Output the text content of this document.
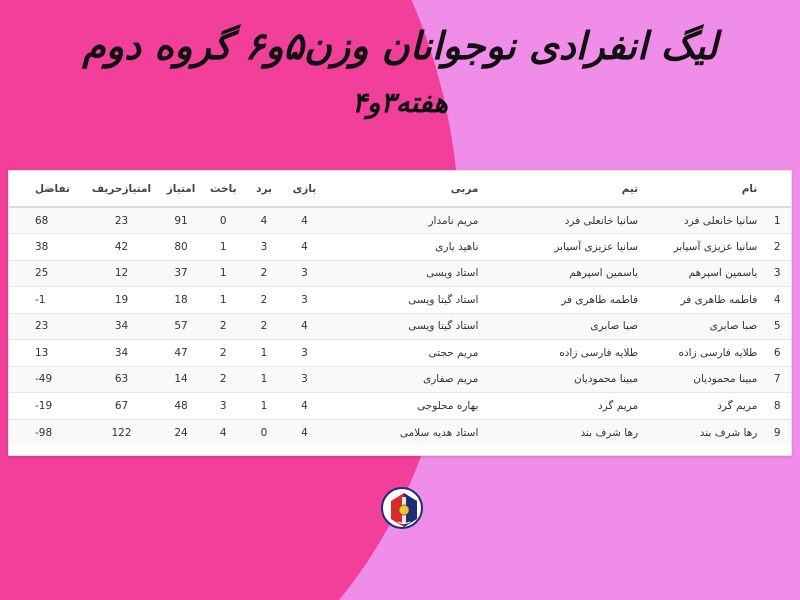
لیگ انفرادی نوجوانان وزن۵و۶ گروه دوم
هفته۳و۴
	نام	تیم	مربی	بازی	برد	باخت	امتیاز	امتیازحریف	تفاضل
1	سانیا خانعلی فرد	سانیا خانعلی فرد	مریم نامدار	4	4	0	91	23	68
2	سانیا عزیزی آسیابر	سانیا عزیزی آسیابر	ناهید یاری	4	3	1	80	42	38
3	یاسمین اسپرهم	یاسمین اسپرهم	استاد ویسی	3	2	1	37	12	25
4	فاطمه طاهری فر	فاطمه طاهری فر	استاد گیتا ویسی	3	2	1	18	19	1-
5	صبا صابری	صبا صابری	استاد گیتا ویسی	4	2	2	57	34	23
6	طلایه فارسی زاده	طلایه فارسی زاده	مریم حجتی	3	1	2	47	34	13
7	مبینا محمودیان	مبینا محمودیان	مریم صفاری	3	1	2	14	63	49-
8	مریم گرد	مریم گرد	بهاره محلوجی	4	1	3	48	67	19-
9	رها شرف بند	رها شرف بند	استاد هدیه سلامی	4	0	4	24	122	98-
